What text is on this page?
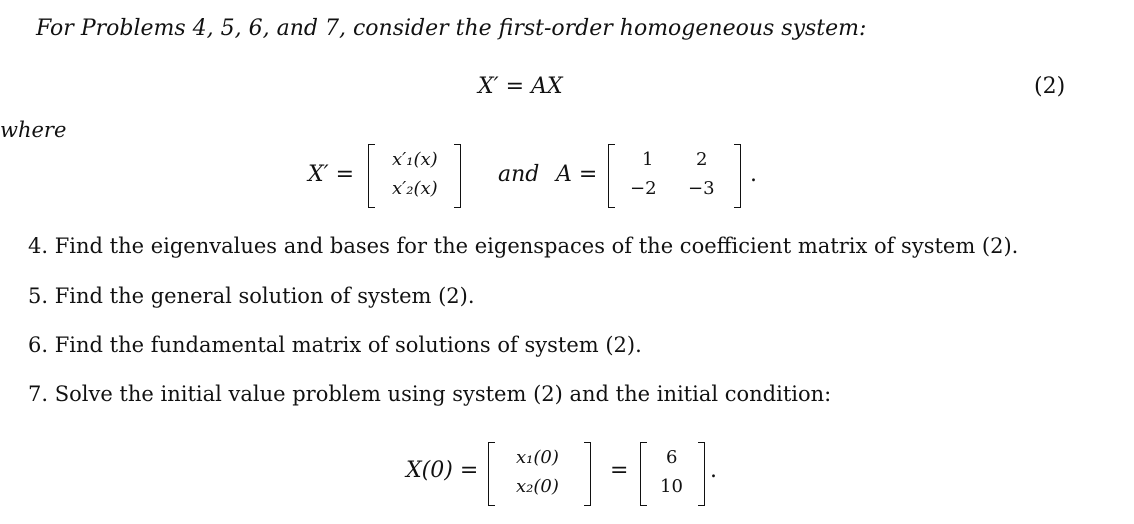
For Problems 4, 5, 6, and 7, consider the first-order homogeneous system:
X′ = AX	(2)
where
X′ =
x′₁(x)
x′₂(x)
and A =
1 2
−2 −3
.
4. Find the eigenvalues and bases for the eigenspaces of the coefficient matrix of system (2).
5. Find the general solution of system (2).
6. Find the fundamental matrix of solutions of system (2).
7. Solve the initial value problem using system (2) and the initial condition:
X(0) =
x₁(0)
x₂(0)
=
6
10
.
